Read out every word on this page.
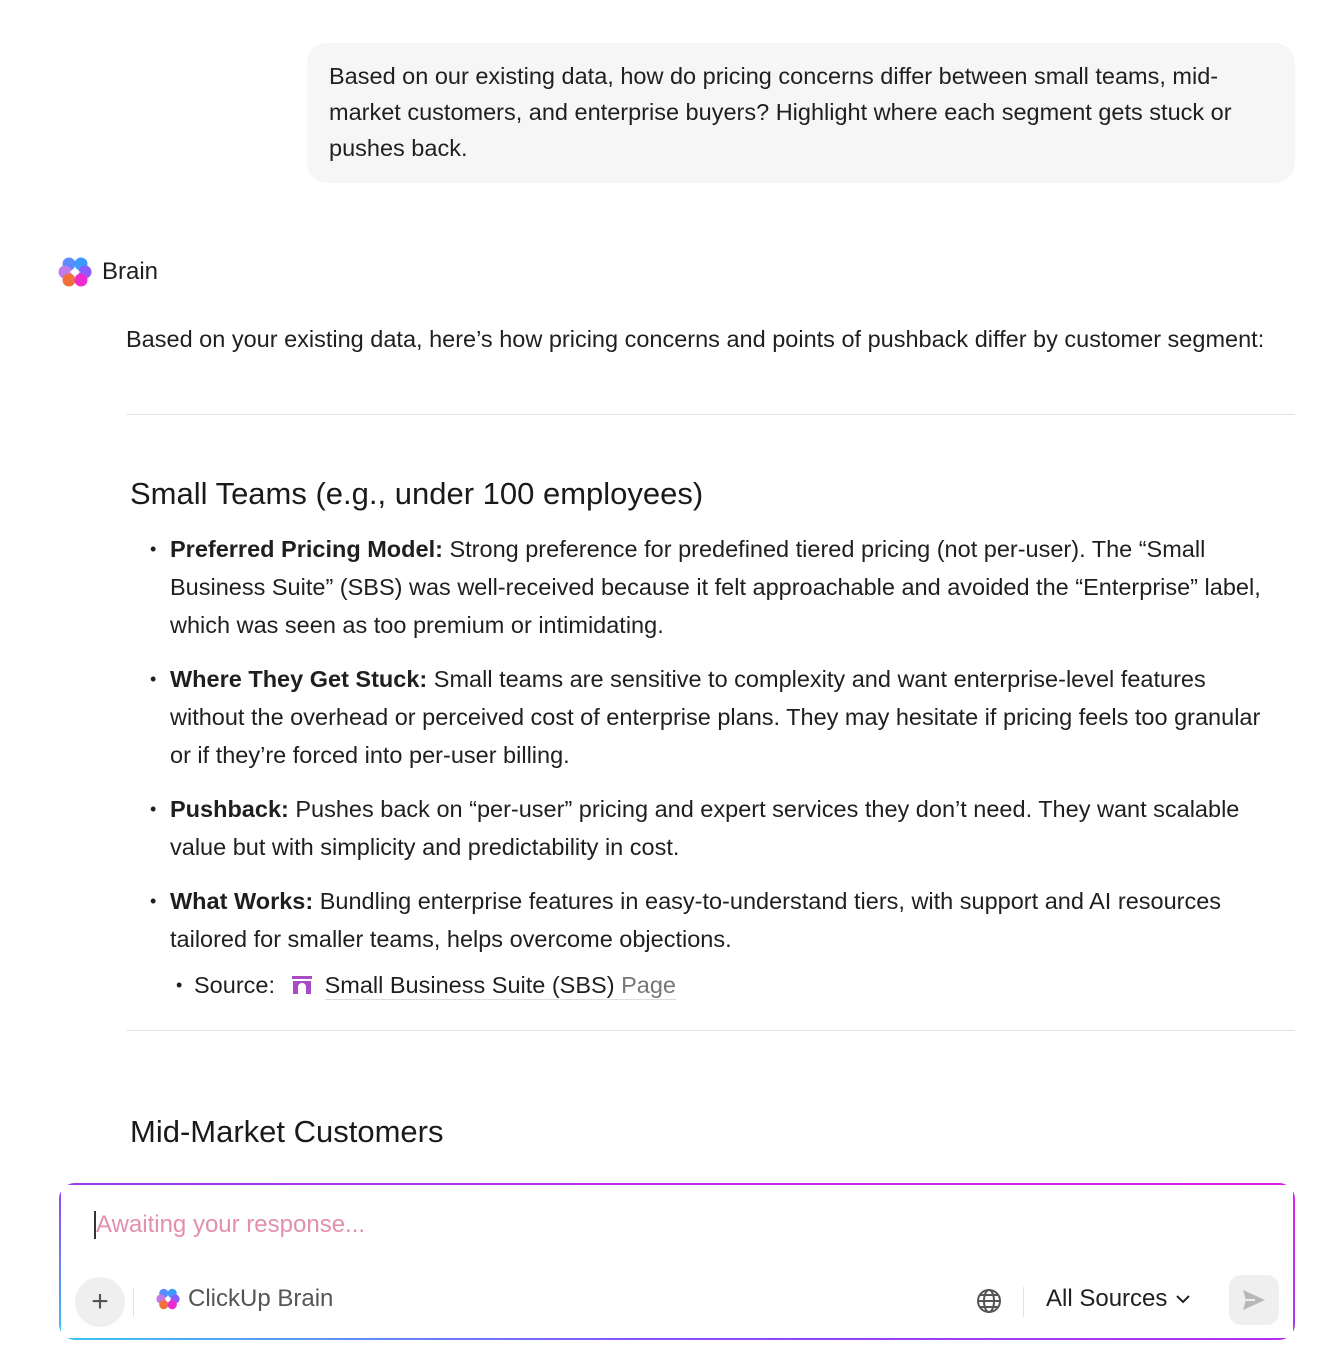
Based on our existing data, how do pricing concerns differ between small teams, mid-market customers, and enterprise buyers? Highlight where each segment gets stuck or pushes back.
Brain
Based on your existing data, here’s how pricing concerns and points of pushback differ by customer segment:
Small Teams (e.g., under 100 employees)
• Preferred Pricing Model: Strong preference for predefined tiered pricing (not per-user). The “Small Business Suite” (SBS) was well-received because it felt approachable and avoided the “Enterprise” label, which was seen as too premium or intimidating.
• Where They Get Stuck: Small teams are sensitive to complexity and want enterprise-level features without the overhead or perceived cost of enterprise plans. They may hesitate if pricing feels too granular or if they’re forced into per-user billing.
• Pushback: Pushes back on “per-user” pricing and expert services they don’t need. They want scalable value but with simplicity and predictability in cost.
• What Works: Bundling enterprise features in easy-to-understand tiers, with support and AI resources tailored for smaller teams, helps overcome objections.
• Source: Small Business Suite (SBS) Page
Mid-Market Customers
Awaiting your response...
+	ClickUp Brain	All Sources
